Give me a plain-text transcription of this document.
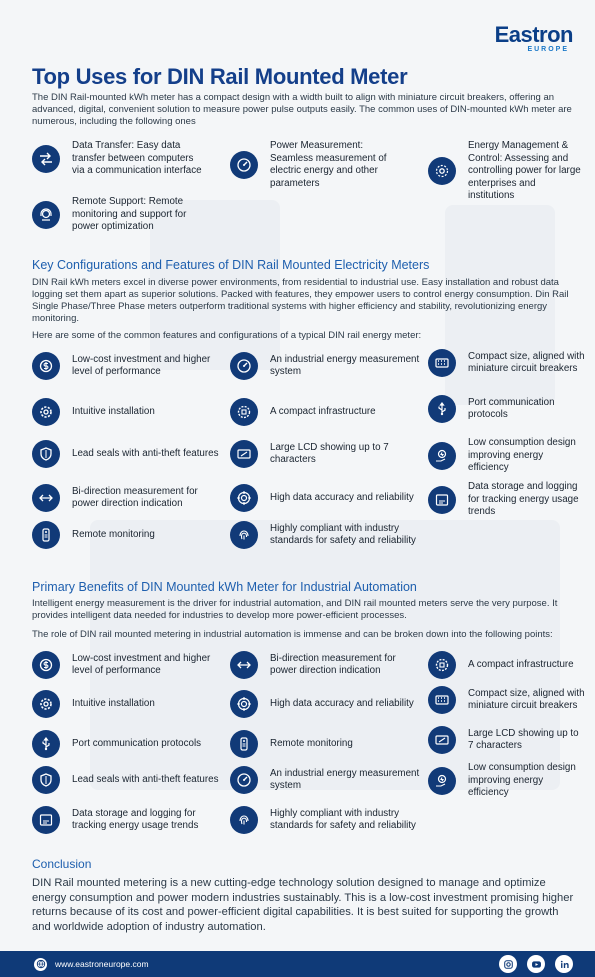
Eastron
EUROPE
Top Uses for DIN Rail Mounted Meter
The DIN Rail-mounted kWh meter has a compact design with a width built to align with miniature circuit breakers, offering an advanced, digital, convenient solution to measure power pulse outputs easily. The common uses of DIN-mounted kWh meter are numerous, including the following ones
Data Transfer: Easy data transfer between computers via a communication interface
Power Measurement: Seamless measurement of electric energy and other parameters
Energy Management & Control: Assessing and controlling power for large enterprises and institutions
Remote Support: Remote monitoring and support for power optimization
Key Configurations and Features of DIN Rail Mounted Electricity Meters
DIN Rail kWh meters excel in diverse power environments, from residential to industrial use. Easy installation and robust data logging set them apart as superior solutions. Packed with features, they empower users to control energy consumption. Din Rail Single Phase/Three Phase meters outperform traditional systems with higher efficiency and stability, revolutionizing energy monitoring.
Here are some of the common features and configurations of a typical DIN rail energy meter:
Low-cost investment and higher level of performance
An industrial energy measurement system
Compact size, aligned with miniature circuit breakers
Intuitive installation	A compact infrastructure
Port communication protocols
Lead seals with anti-theft features
Large LCD showing up to 7 characters
Low consumption design improving energy efficiency
Bi-direction measurement for power direction indication
High data accuracy and reliability
Data storage and logging for tracking energy usage trends
Remote monitoring
Highly compliant with industry standards for safety and reliability
Primary Benefits of DIN Mounted kWh Meter for Industrial Automation
Intelligent energy measurement is the driver for industrial automation, and DIN rail mounted meters serve the very purpose. It provides intelligent data needed for industries to develop more power-efficient processes.
The role of DIN rail mounted metering in industrial automation is immense and can be broken down into the following points:
Low-cost investment and higher level of performance
Bi-direction measurement for power direction indication
A compact infrastructure
Intuitive installation	High data accuracy and reliability
Compact size, aligned with miniature circuit breakers
Port communication protocols	Remote monitoring
Large LCD showing up to 7 characters
Lead seals with anti-theft features
An industrial energy measurement system
Low consumption design improving energy efficiency
Data storage and logging for tracking energy usage trends
Highly compliant with industry standards for safety and reliability
Conclusion
DIN Rail mounted metering is a new cutting-edge technology solution designed to manage and optimize energy consumption and power modern industries sustainably. This is a low-cost investment promising higher returns because of its cost and power-efficient digital capabilities. It is best suited for supporting the growth and worldwide adoption of industry automation.
www.eastroneurope.com
